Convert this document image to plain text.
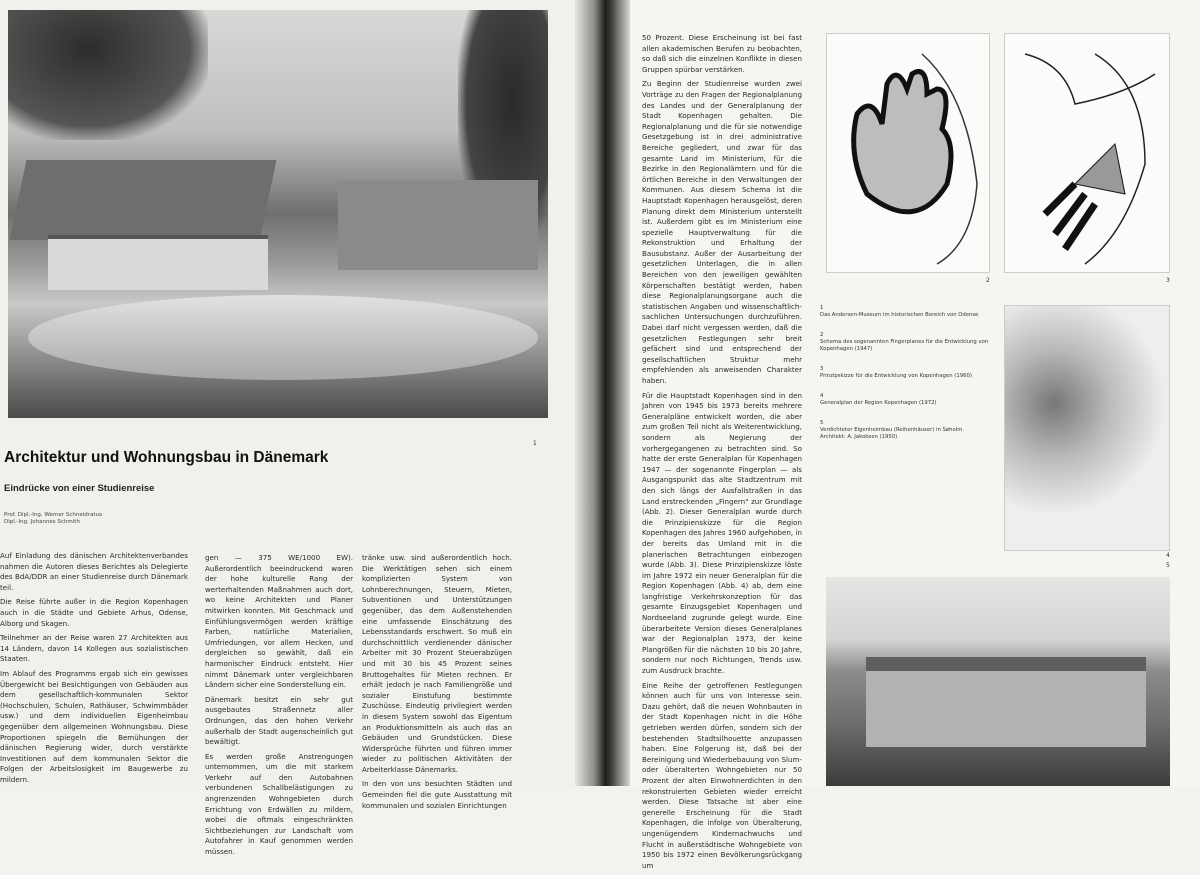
1
Architektur und Wohnungsbau in Dänemark
Eindrücke von einer Studienreise
Prof. Dipl.-Ing. Werner Schneidratus
Dipl.-Ing. Johannes Schmith

Auf Einladung des dänischen Architektenverbandes nahmen die Autoren dieses Berichtes als Delegierte des BdA/DDR an einer Studienreise durch Dänemark teil.

Die Reise führte außer in die Region Kopenhagen auch in die Städte und Gebiete Arhus, Odense, Alborg und Skagen.

Teilnehmer an der Reise waren 27 Architekten aus 14 Ländern, davon 14 Kollegen aus sozialistischen Staaten.

Im Ablauf des Programms ergab sich ein gewisses Übergewicht bei Besichtigungen von Gebäuden aus dem gesellschaftlich-kommunalen Sektor (Hochschulen, Schulen, Rathäuser, Schwimmbäder usw.) und dem individuellen Eigenheimbau gegenüber dem allgemeinen Wohnungsbau. Diese Proportionen spiegeln die Bemühungen der dänischen Regierung wider, durch verstärkte Investitionen auf dem kommunalen Sektor die Folgen der Arbeitslosigkeit im Baugewerbe zu mildern.

gen — 375 WE/1000 EW). Außerordentlich beeindruckend waren der hohe kulturelle Rang der werterhaltenden Maßnahmen auch dort, wo keine Architekten und Planer mitwirken konnten. Mit Geschmack und Einfühlungsvermögen werden kräftige Farben, natürliche Materialien, Umfriedungen, vor allem Hecken, und dergleichen so gewählt, daß ein harmonischer Eindruck entsteht. Hier nimmt Dänemark unter vergleichbaren Ländern sicher eine Sonderstellung ein.

Dänemark besitzt ein sehr gut ausgebautes Straßennetz aller Ordnungen, das den hohen Verkehr außerhalb der Stadt augenscheinlich gut bewältigt.

Es werden große Anstrengungen unternommen, um die mit starkem Verkehr auf den Autobahnen verbundenen Schallbelästigungen zu angrenzenden Wohngebieten durch Errichtung von Erdwällen zu mildern, wobei die oftmals eingeschränkten Sichtbeziehungen zur Landschaft vom Autofahrer in Kauf genommen werden müssen.

tränke usw. sind außerordentlich hoch. Die Werktätigen sehen sich einem komplizierten System von Lohnberechnungen, Steuern, Mieten, Subventionen und Unterstützungen gegenüber, das dem Außenstehenden eine umfassende Einschätzung des Lebensstandards erschwert. So muß ein durchschnittlich verdienender dänischer Arbeiter mit 30 Prozent Steuerabzügen und mit 30 bis 45 Prozent seines Bruttogehaltes für Mieten rechnen. Er erhält jedoch je nach Familiengröße und sozialer Einstufung bestimmte Zuschüsse. Eindeutig privilegiert werden in diesem System sowohl das Eigentum an Produktionsmitteln als auch das an Gebäuden und Grundstücken. Diese Widersprüche führten und führen immer wieder zu politischen Aktivitäten der Arbeiterklasse Dänemarks.

In den von uns besuchten Städten und Gemeinden fiel die gute Ausstattung mit kommunalen und sozialen Einrichtungen

50 Prozent. Diese Erscheinung ist bei fast allen akademischen Berufen zu beobachten, so daß sich die einzelnen Konflikte in diesen Gruppen spürbar verstärken.

Zu Beginn der Studienreise wurden zwei Vorträge zu den Fragen der Regionalplanung des Landes und der Generalplanung der Stadt Kopenhagen gehalten. Die Regionalplanung und die für sie notwendige Gesetzgebung ist in drei administrative Bereiche gegliedert, und zwar für das gesamte Land im Ministerium, für die Bezirke in den Regionalämtern und für die örtlichen Bereiche in den Verwaltungen der Kommunen. Aus diesem Schema ist die Hauptstadt Kopenhagen herausgelöst, deren Planung direkt dem Ministerium unterstellt ist. Außerdem gibt es im Ministerium eine spezielle Hauptverwaltung für die Rekonstruktion und Erhaltung der Bausubstanz. Außer der Ausarbeitung der gesetzlichen Unterlagen, die in allen Bereichen von den jeweiligen gewählten Körperschaften bestätigt werden, haben diese Regionalplanungsorgane auch die statistischen Angaben und wissenschaftlich-sachlichen Untersuchungen durchzuführen. Dabei darf nicht vergessen werden, daß die gesetzlichen Festlegungen sehr breit gefächert sind und entsprechend der gesellschaftlichen Struktur mehr empfehlenden als anweisenden Charakter haben.

Für die Hauptstadt Kopenhagen sind in den Jahren von 1945 bis 1973 bereits mehrere Generalpläne entwickelt worden, die aber zum großen Teil nicht als Weiterentwicklung, sondern als Negierung der vorhergegangenen zu betrachten sind. So hatte der erste Generalplan für Kopenhagen 1947 — der sogenannte Fingerplan — als Ausgangspunkt das alte Stadtzentrum mit den sich längs der Ausfallstraßen in das Land erstreckenden „Fingern" zur Grundlage (Abb. 2). Dieser Generalplan wurde durch die Prinzipienskizze für die Region Kopenhagen des Jahres 1960 aufgehoben, in der bereits das Umland mit in die planerischen Betrachtungen einbezogen wurde (Abb. 3). Diese Prinzipienskizze löste im Jahre 1972 ein neuer Generalplan für die Region Kopenhagen (Abb. 4) ab, dem eine langfristige Verkehrskonzeption für das gesamte Einzugsgebiet Kopenhagen und Nordseeland zugrunde gelegt wurde. Eine überarbeitete Version dieses Generalplanes war der Regionalplan 1973, der keine Plangrößen für die nächsten 10 bis 20 Jahre, sondern nur noch Richtungen, Trends usw. zum Ausdruck brachte.

Eine Reihe der getroffenen Festlegungen können auch für uns von Interesse sein. Dazu gehört, daß die neuen Wohnbauten in der Stadt Kopenhagen nicht in die Höhe getrieben werden dürfen, sondern sich der bestehenden Stadtsilhouette anzupassen haben. Eine Folgerung ist, daß bei der Bereinigung und Wiederbebauung von Slum- oder überalterten Wohngebieten nur 50 Prozent der alten Einwohnerdichten in den rekonstruierten Gebieten wieder erreicht werden. Diese Tatsache ist aber eine generelle Erscheinung für die Stadt Kopenhagen, die infolge von Überalterung, ungenügendem Kindernachwuchs und Flucht in außerstädtische Wohngebiete von 1950 bis 1972 einen Bevölkerungsrückgang um

2	3
4
5
1
Das Andersen-Museum im historischen Bereich von Odense
2
Schema des sogenannten Fingerplanes für die Entwicklung von Kopenhagen (1947)
3
Prinzipskizze für die Entwicklung von Kopenhagen (1960)
4
Generalplan der Region Kopenhagen (1972)
5
Verdichteter Eigenheimbau (Reihenhäuser) in Søholm. Architekt: A. Jakobsen (1950)
